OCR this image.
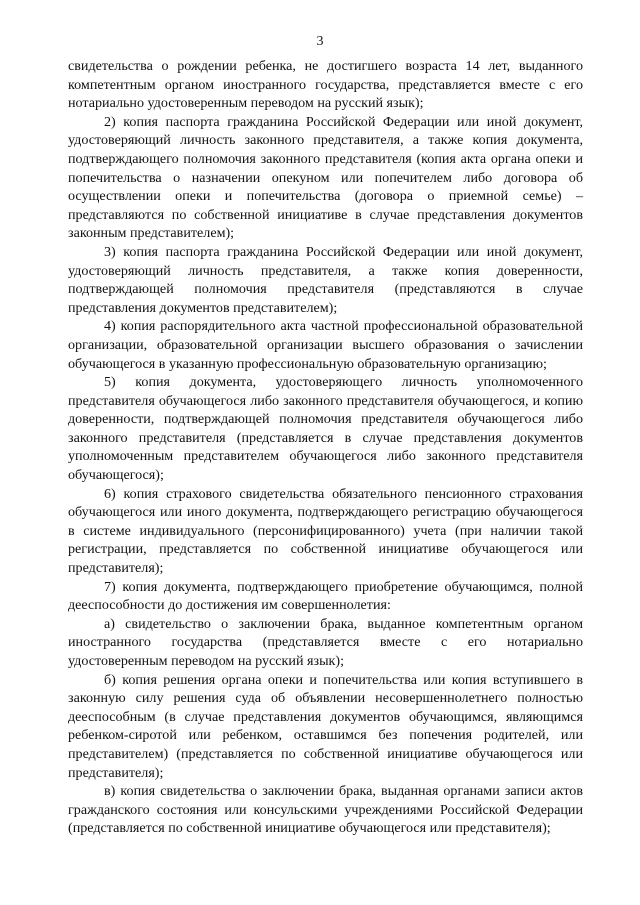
3

свидетельства о рождении ребенка, не достигшего возраста 14 лет, выданного компетентным органом иностранного государства, представляется вместе с его нотариально удостоверенным переводом на русский язык);

2) копия паспорта гражданина Российской Федерации или иной документ, удостоверяющий личность законного представителя, а также копия документа, подтверждающего полномочия законного представителя (копия акта органа опеки и попечительства о назначении опекуном или попечителем либо договора об осуществлении опеки и попечительства (договора о приемной семье) – представляются по собственной инициативе в случае представления документов законным представителем);

3) копия паспорта гражданина Российской Федерации или иной документ, удостоверяющий личность представителя, а также копия доверенности, подтверждающей полномочия представителя (представляются в случае представления документов представителем);

4) копия распорядительного акта частной профессиональной образовательной организации, образовательной организации высшего образования о зачислении обучающегося в указанную профессиональную образовательную организацию;

5) копия документа, удостоверяющего личность уполномоченного представителя обучающегося либо законного представителя обучающегося, и копию доверенности, подтверждающей полномочия представителя обучающегося либо законного представителя (представляется в случае представления документов уполномоченным представителем обучающегося либо законного представителя обучающегося);

6) копия страхового свидетельства обязательного пенсионного страхования обучающегося или иного документа, подтверждающего регистрацию обучающегося в системе индивидуального (персонифицированного) учета (при наличии такой регистрации, представляется по собственной инициативе обучающегося или представителя);

7) копия документа, подтверждающего приобретение обучающимся, полной дееспособности до достижения им совершеннолетия:

а) свидетельство о заключении брака, выданное компетентным органом иностранного государства (представляется вместе с его нотариально удостоверенным переводом на русский язык);

б) копия решения органа опеки и попечительства или копия вступившего в законную силу решения суда об объявлении несовершеннолетнего полностью дееспособным (в случае представления документов обучающимся, являющимся ребенком-сиротой или ребенком, оставшимся без попечения родителей, или представителем) (представляется по собственной инициативе обучающегося или представителя);

в) копия свидетельства о заключении брака, выданная органами записи актов гражданского состояния или консульскими учреждениями Российской Федерации (представляется по собственной инициативе обучающегося или представителя);
